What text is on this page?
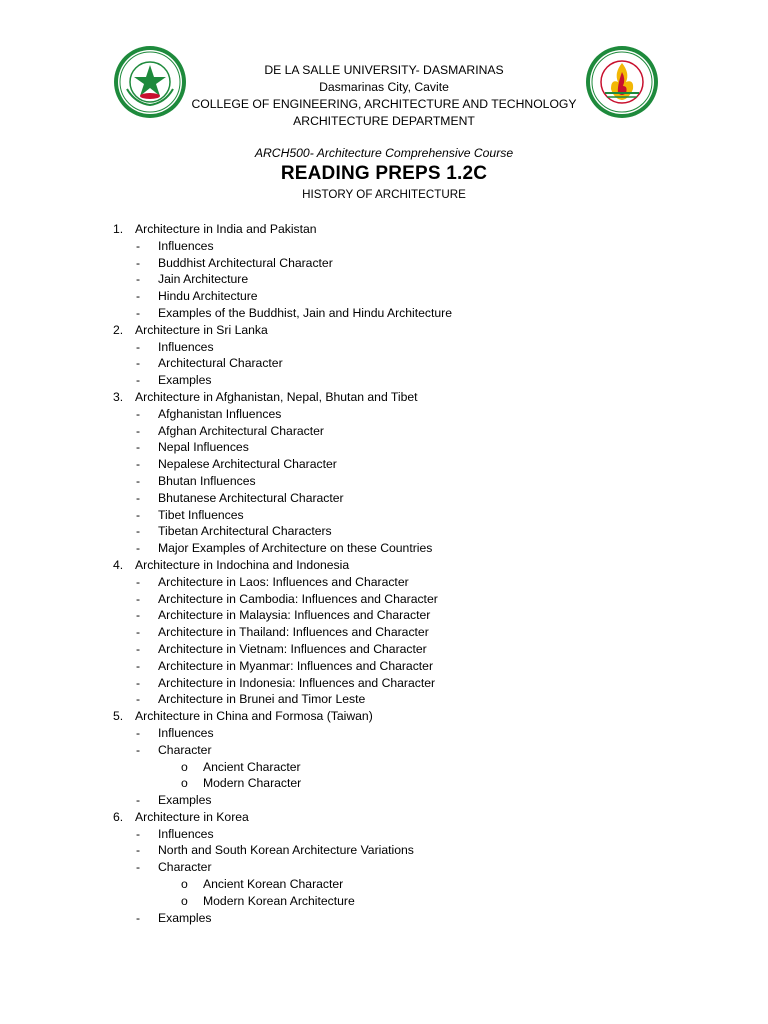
DE LA SALLE UNIVERSITY- DASMARINAS
Dasmarinas City, Cavite
COLLEGE OF ENGINEERING, ARCHITECTURE AND TECHNOLOGY
ARCHITECTURE DEPARTMENT
ARCH500- Architecture Comprehensive Course
READING PREPS 1.2C
HISTORY OF ARCHITECTURE
1. Architecture in India and Pakistan
- Influences
- Buddhist Architectural Character
- Jain Architecture
- Hindu Architecture
- Examples of the Buddhist, Jain and Hindu Architecture
2. Architecture in Sri Lanka
- Influences
- Architectural Character
- Examples
3. Architecture in Afghanistan, Nepal, Bhutan and Tibet
- Afghanistan Influences
- Afghan Architectural Character
- Nepal Influences
- Nepalese Architectural Character
- Bhutan Influences
- Bhutanese Architectural Character
- Tibet Influences
- Tibetan Architectural Characters
- Major Examples of Architecture on these Countries
4. Architecture in Indochina and Indonesia
- Architecture in Laos: Influences and Character
- Architecture in Cambodia: Influences and Character
- Architecture in Malaysia: Influences and Character
- Architecture in Thailand: Influences and Character
- Architecture in Vietnam: Influences and Character
- Architecture in Myanmar: Influences and Character
- Architecture in Indonesia: Influences and Character
- Architecture in Brunei and Timor Leste
5. Architecture in China and Formosa (Taiwan)
- Influences
- Character
o Ancient Character
o Modern Character
- Examples
6. Architecture in Korea
- Influences
- North and South Korean Architecture Variations
- Character
o Ancient Korean Character
o Modern Korean Architecture
- Examples
